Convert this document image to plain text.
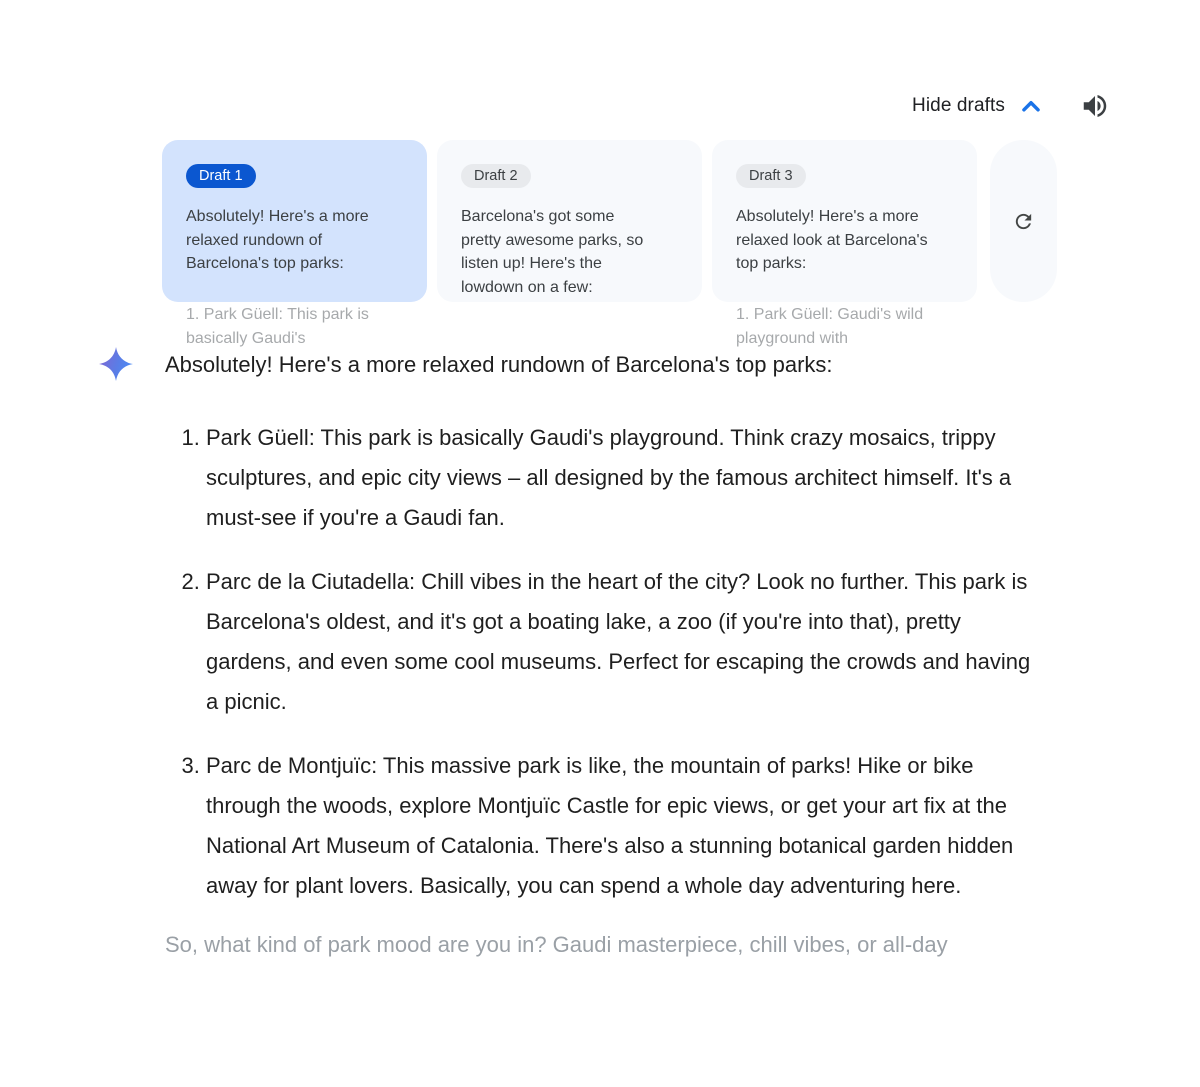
Hide drafts
Draft 1
Absolutely! Here's a more relaxed rundown of Barcelona's top parks:
1. Park Güell: This park is basically Gaudi's
Draft 2
Barcelona's got some pretty awesome parks, so listen up! Here's the lowdown on a few:
Draft 3
Absolutely! Here's a more relaxed look at Barcelona's top parks:
1. Park Güell: Gaudi's wild playground with

Absolutely! Here's a more relaxed rundown of Barcelona's top parks:

1. Park Güell: This park is basically Gaudi's playground. Think crazy mosaics, trippy sculptures, and epic city views – all designed by the famous architect himself. It's a must-see if you're a Gaudi fan.
2. Parc de la Ciutadella: Chill vibes in the heart of the city? Look no further. This park is Barcelona's oldest, and it's got a boating lake, a zoo (if you're into that), pretty gardens, and even some cool museums. Perfect for escaping the crowds and having a picnic.
3. Parc de Montjuïc: This massive park is like, the mountain of parks! Hike or bike through the woods, explore Montjuïc Castle for epic views, or get your art fix at the National Art Museum of Catalonia. There's also a stunning botanical garden hidden away for plant lovers. Basically, you can spend a whole day adventuring here.

So, what kind of park mood are you in? Gaudi masterpiece, chill vibes, or all-day
